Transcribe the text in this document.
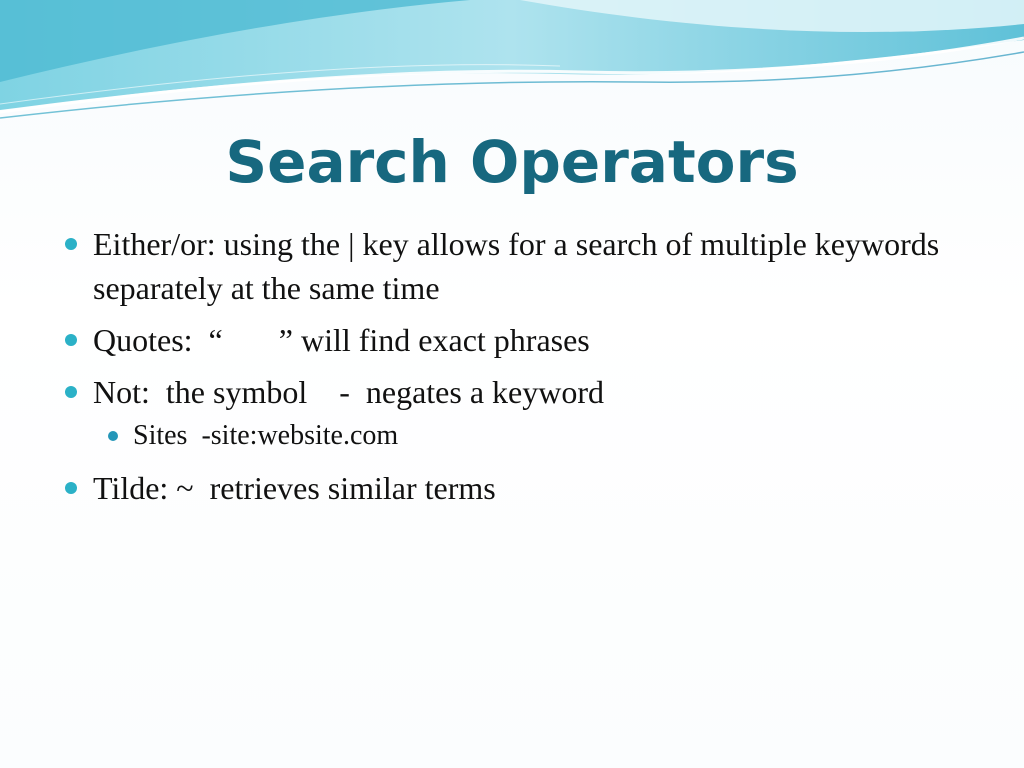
Search Operators
Either/or: using the | key allows for a search of multiple keywords separately at the same time
Quotes:  “       ” will find exact phrases
Not:  the symbol    -  negates a keyword
Sites  -site:website.com
Tilde: ~  retrieves similar terms
